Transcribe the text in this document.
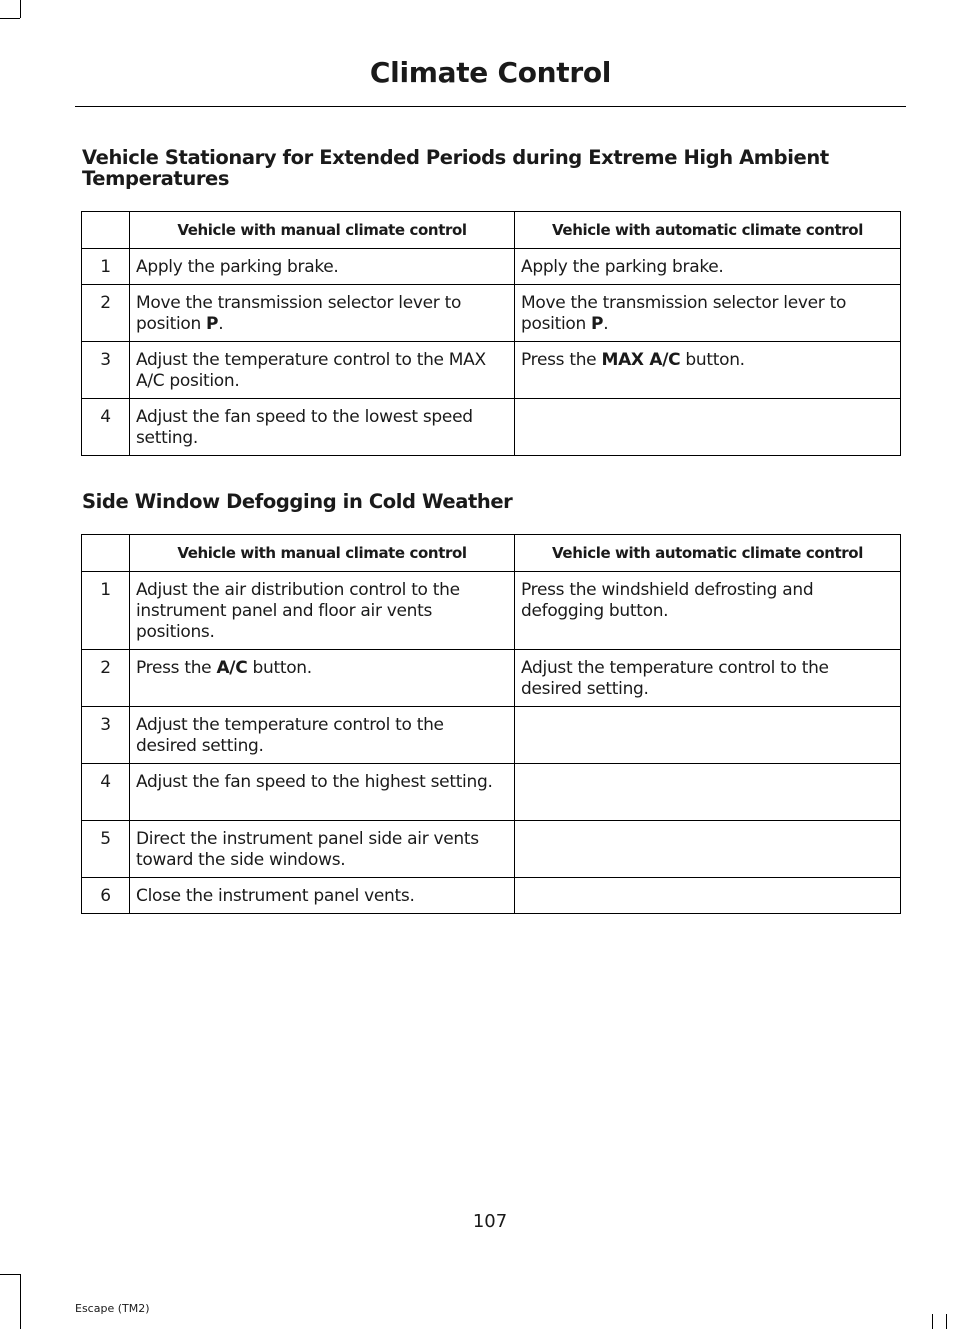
Climate Control
Vehicle Stationary for Extended Periods during Extreme High Ambient Temperatures
	Vehicle with manual climate control	Vehicle with automatic climate control
1	Apply the parking brake.	Apply the parking brake.
2	Move the transmission selector lever to position P.	Move the transmission selector lever to position P.
3	Adjust the temperature control to the MAX A/C position.	Press the MAX A/C button.
4	Adjust the fan speed to the lowest speed setting.	
Side Window Defogging in Cold Weather
	Vehicle with manual climate control	Vehicle with automatic climate control
1	Adjust the air distribution control to the instrument panel and floor air vents positions.	Press the windshield defrosting and defogging button.
2	Press the A/C button.	Adjust the temperature control to the desired setting.
3	Adjust the temperature control to the desired setting.	
4	Adjust the fan speed to the highest setting.	
5	Direct the instrument panel side air vents toward the side windows.	
6	Close the instrument panel vents.	
107
Escape (TM2)
